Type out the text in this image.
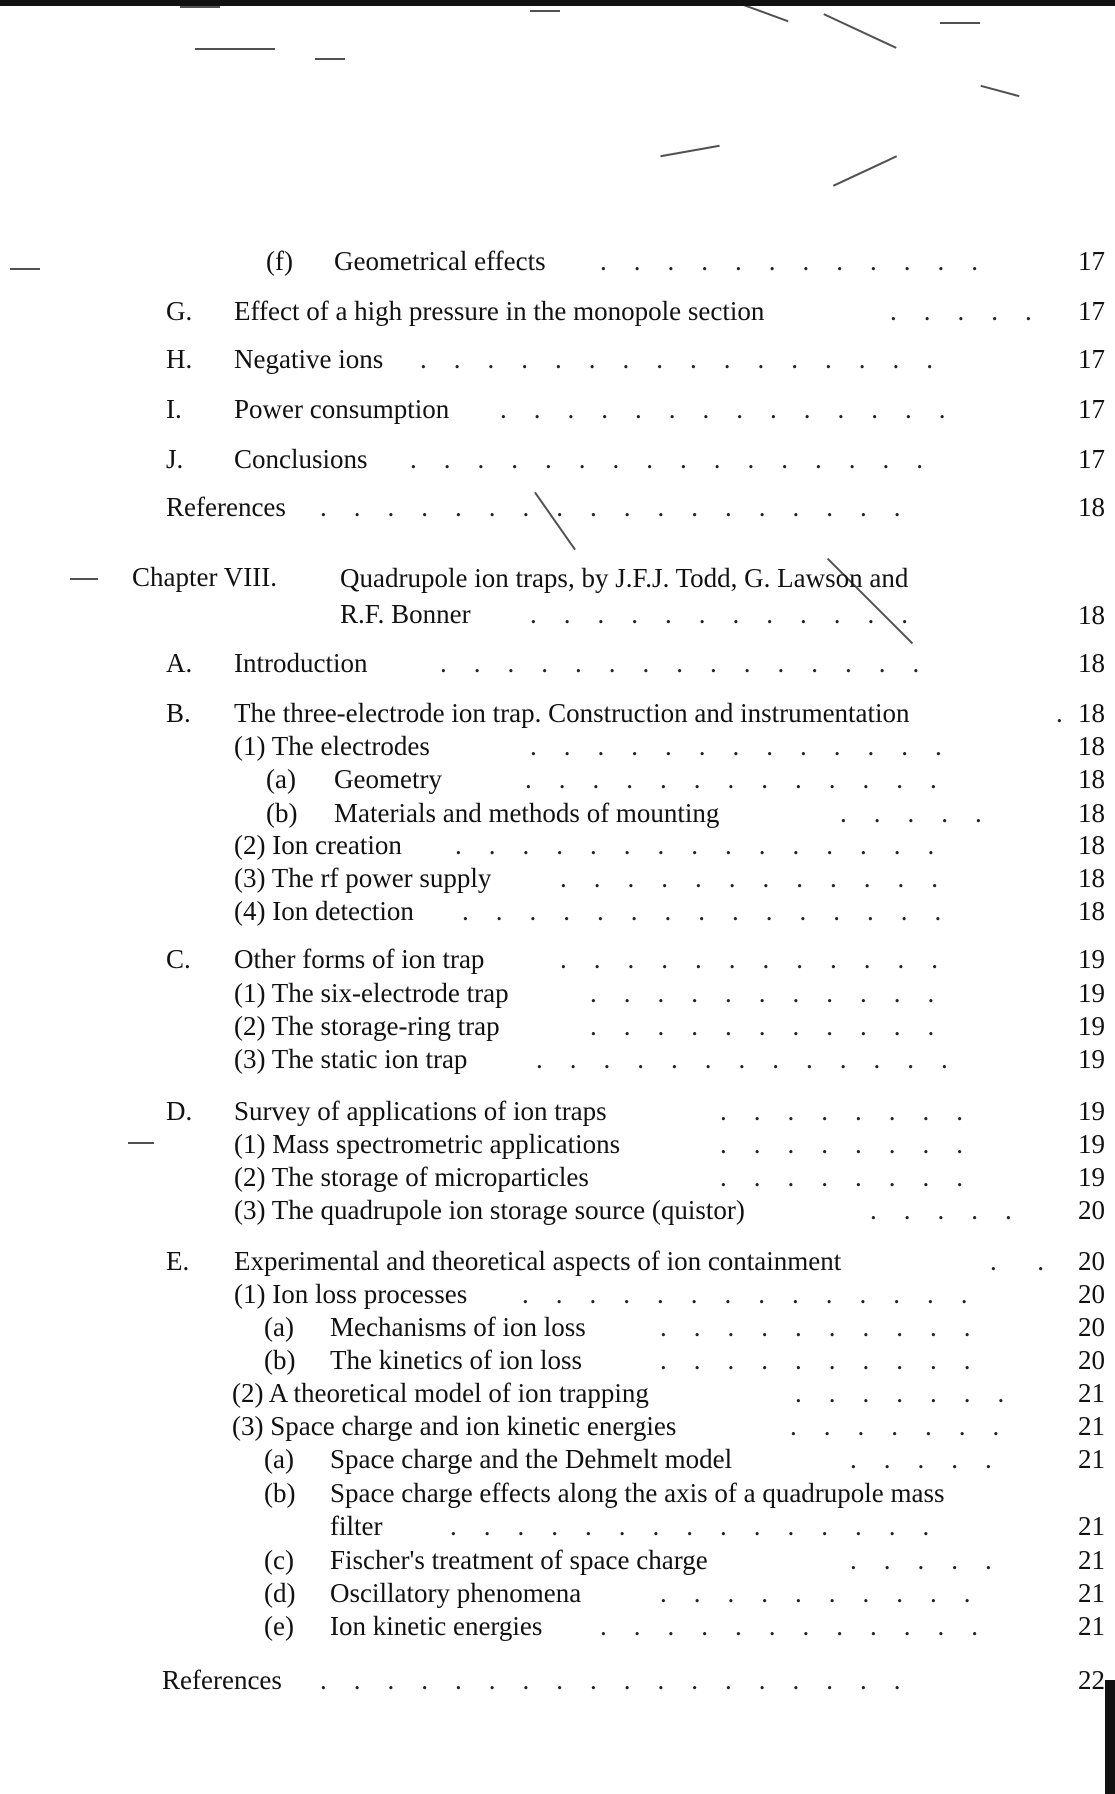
(f) Geometrical effects .    .    .    .    .    .    .    .    .    .    .    .	17
G. Effect of a high pressure in the monopole section	.    .    .    .    .	17
H. Negative ions .    .    .    .    .    .    .    .    .    .    .    .    .    .    .    .	17
I. Power consumption .    .    .    .    .    .    .    .    .    .    .    .    .    .	17
J. Conclusions .    .    .    .    .    .    .    .    .    .    .    .    .    .    .    .	17
References .    .    .    .    .    .    .    .    .    .    .    .    .    .    .    .    .    .	18
Chapter VIII. Quadrupole ion traps, by J.F.J. Todd, G. Lawson and
R.F. Bonner .    .    .    .    .    .    .    .    .    .    .    .	18
A. Introduction	.    .    .    .    .    .    .    .    .    .    .    .    .    .    .	18
B. The three-electrode ion trap. Construction and instrumentation	. 18
(1) The electrodes	.    .    .    .    .    .    .    .    .    .    .    .    .	18
(a) Geometry	.    .    .    .    .    .    .    .    .    .    .    .    .	18
(b) Materials and methods of mounting	.    .    .    .    .	18
(2) Ion creation .    .    .    .    .    .    .    .    .    .    .    .    .    .    .	18
(3) The rf power supply	.    .    .    .    .    .    .    .    .    .    .    .	18
(4) Ion detection .    .    .    .    .    .    .    .    .    .    .    .    .    .    .	18
C. Other forms of ion trap	.    .    .    .    .    .    .    .    .    .    .    .	19
(1) The six-electrode trap	.    .    .    .    .    .    .    .    .    .    .	19
(2) The storage-ring trap	.    .    .    .    .    .    .    .    .    .    .	19
(3) The static ion trap	.    .    .    .    .    .    .    .    .    .    .    .    .	19
D. Survey of applications of ion traps	.    .    .    .    .    .    .    .	19
(1) Mass spectrometric applications	.    .    .    .    .    .    .    .	19
(2) The storage of microparticles	.    .    .    .    .    .    .    .	19
(3) The quadrupole ion storage source (quistor)	.    .    .    .    .	20
E. Experimental and theoretical aspects of ion containment	.      .	20
(1) Ion loss processes .    .    .    .    .    .    .    .    .    .    .    .    .    .	20
(a) Mechanisms of ion loss	.    .    .    .    .    .    .    .    .    .	20
(b) The kinetics of ion loss	.    .    .    .    .    .    .    .    .    .	20
(2) A theoretical model of ion trapping	.    .    .    .    .    .    .	21
(3) Space charge and ion kinetic energies	.    .    .    .    .    .    .	21
(a) Space charge and the Dehmelt model	.    .    .    .    .	21
(b) Space charge effects along the axis of a quadrupole mass
filter	.    .    .    .    .    .    .    .    .    .    .    .    .    .    .	21
(c) Fischer's treatment of space charge	.    .    .    .    .	21
(d) Oscillatory phenomena	.    .    .    .    .    .    .    .    .    .	21
(e) Ion kinetic energies .    .    .    .    .    .    .    .    .    .    .    .	21
References .    .    .    .    .    .    .    .    .    .    .    .    .    .    .    .    .    .	22
